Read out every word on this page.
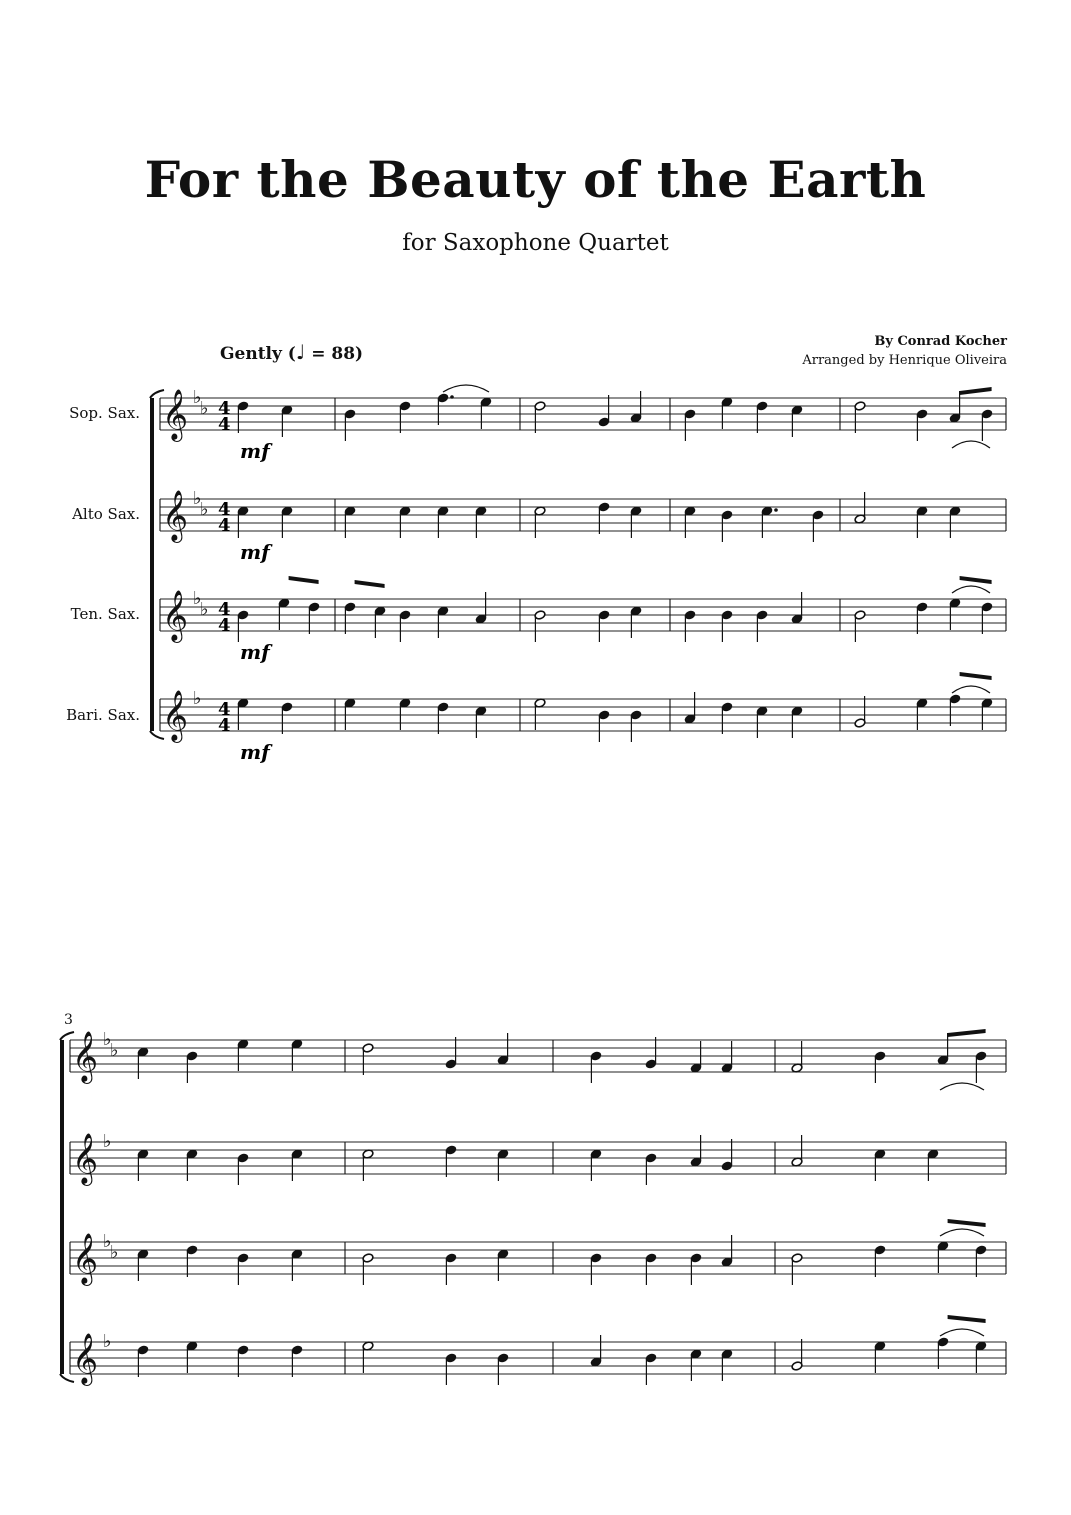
For the Beauty of the Earth
for Saxophone Quartet
By Conrad Kocher
Arranged by Henrique Oliveira
Gently (♩ = 88)
Sop. Sax.
Alto Sax.
Ten. Sax.
Bari. Sax.
3
𝄞 ♭
♭ 4
4
mf
𝄞 ♭
♭ 4
4
mf
𝄞 ♭
♭ 4
4
mf
𝄞 ♭
4
4
mf
𝄞 ♭
♭
𝄞 ♭
𝄞 ♭
♭
𝄞 ♭
